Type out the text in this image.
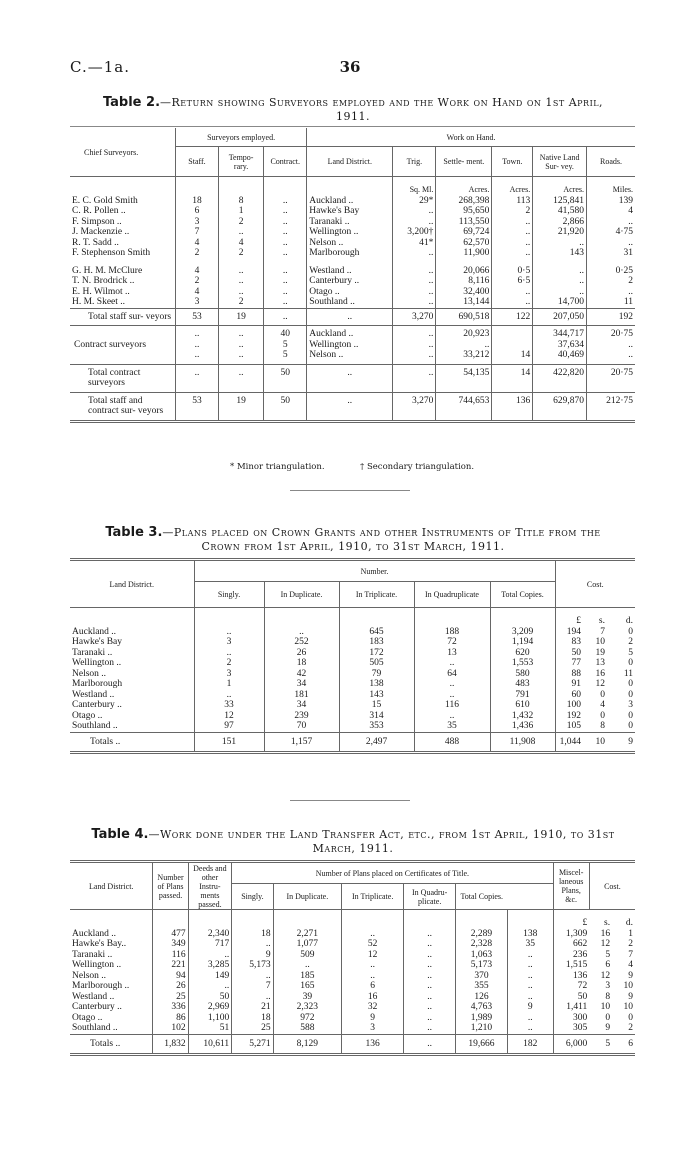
C.—1a.	36
Table 2.—Return showing Surveyors employed and the Work on Hand on 1st April,
1911.
Chief Surveyors.	Surveyors employed.			Work on Hand.					
	Staff.	Tempo- rary.	Contract.	Land District.	Trig.	Settle- ment.	Town.	Native Land Sur- vey.	Roads.
					Sq. Ml.	Acres.	Acres.	Acres.	Miles.
E. C. Gold Smith	18	8	..	Auckland ..	29*	268,398	113	125,841	139
C. R. Pollen ..	6	1	..	Hawke's Bay	..	95,650	2	41,580	4
F. Simpson ..	3	2	..	Taranaki ..	..	113,550	..	2,866	..
J. Mackenzie ..	7	..	..	Wellington ..	3,200†	69,724	..	21,920	4·75
R. T. Sadd ..	4	4	..	Nelson ..	41*	62,570	..	..	..
F. Stephenson Smith	2	2	..	Marlborough	..	11,900	..	143	31

G. H. M. McClure	4	..	..	Westland ..	..	20,066	0·5	..	0·25
T. N. Brodrick ..	2	..	..	Canterbury ..	..	8,116	6·5	..	2
E. H. Wilmot ..	4	..	..	Otago ..	..	32,400	..	..	..
H. M. Skeet ..	3	2	..	Southland ..	..	13,144	..	14,700	11
Total staff sur- veyors	53	19	..	..	3,270	690,518	122	207,050	192
Contract surveyors	..	..	40	Auckland ..	..	20,923		344,717	20·75
	..	..	5	Wellington ..	..	..		37,634	..
	..	..	5	Nelson ..	..	33,212	14	40,469	..
Total contract surveyors	..	..	50	..	..	54,135	14	422,820	20·75
Total staff and contract sur- veyors	53	19	50	..	3,270	744,653	136	629,870	212·75
* Minor triangulation.	† Secondary triangulation.
Table 3.—Plans placed on Crown Grants and other Instruments of Title from the
Crown from 1st April, 1910, to 31st March, 1911.
Land District.	Number.					Cost.		
	Singly.	In Duplicate.	In Triplicate.	In Quadruplicate	Total Copies.			
						£	s.	d.
Auckland ..	..	..	645	188	3,209	194	7	0
Hawke's Bay	3	252	183	72	1,194	83	10	2
Taranaki ..	..	26	172	13	620	50	19	5
Wellington ..	2	18	505	..	1,553	77	13	0
Nelson ..	3	42	79	64	580	88	16	11
Marlborough	1	34	138	..	483	91	12	0
Westland ..	..	181	143	..	791	60	0	0
Canterbury ..	33	34	15	116	610	100	4	3
Otago ..	12	239	314	..	1,432	192	0	0
Southland ..	97	70	353	35	1,436	105	8	0
Totals ..	151	1,157	2,497	488	11,908	1,044	10	9
Table 4.—Work done under the Land Transfer Act, etc., from 1st April, 1910, to 31st
March, 1911.
Land District.	Number of Plans passed.	Deeds and other Instru- ments passed.	Number of Plans placed on Certificates of Title.						Miscel- laneous Plans, &c.	Cost.	
			Singly.	In Duplicate.	In Triplicate.	In Quadru- plicate.	Total Copies.				
									£	s.	d.
Auckland ..	477	2,340	18	2,271	..	..	2,289	138	1,309	16	1
Hawke's Bay..	349	717	..	1,077	52	..	2,328	35	662	12	2
Taranaki ..	116	..	9	509	12	..	1,063	..	236	5	7
Wellington ..	221	3,285	5,173	..	..	..	5,173	..	1,515	6	4
Nelson ..	94	149	..	185	..	..	370	..	136	12	9
Marlborough ..	26	..	7	165	6	..	355	..	72	3	10
Westland ..	25	50	..	39	16	..	126	..	50	8	9
Canterbury ..	336	2,969	21	2,323	32	..	4,763	9	1,411	10	10
Otago ..	86	1,100	18	972	9	..	1,989	..	300	0	0
Southland ..	102	51	25	588	3	..	1,210	..	305	9	2
Totals ..	1,832	10,611	5,271	8,129	136	..	19,666	182	6,000	5	6
